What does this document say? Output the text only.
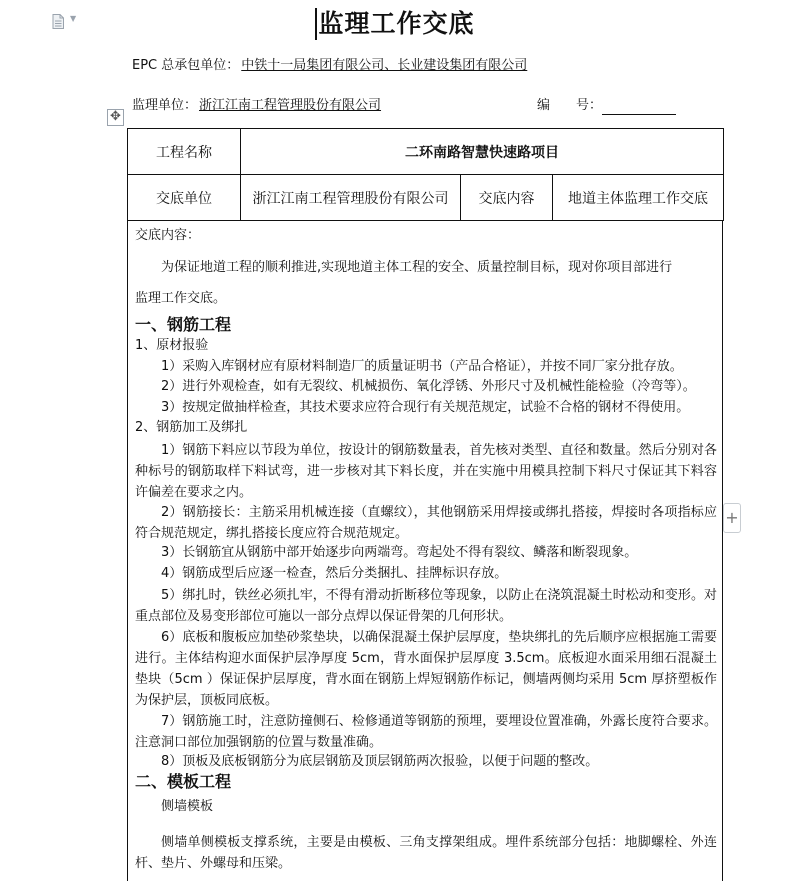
▼	监理工作交底
EPC 总承包单位： 中铁十一局集团有限公司、长业建设集团有限公司
监理单位： 浙江江南工程管理股份有限公司	编　　号：
✥
+
工程名称	二环南路智慧快速路项目		
交底单位	浙江江南工程管理股份有限公司	交底内容	地道主体监理工作交底

交底内容：

为保证地道工程的顺利推进,实现地道主体工程的安全、质量控制目标，现对你项目部进行

监理工作交底。

一、钢筋工程

1、原材报验

1）采购入库钢材应有原材料制造厂的质量证明书（产品合格证），并按不同厂家分批存放。

2）进行外观检查，如有无裂纹、机械损伤、氧化浮锈、外形尺寸及机械性能检验（冷弯等）。

3）按规定做抽样检查，其技术要求应符合现行有关规范规定，试验不合格的钢材不得使用。

2、钢筋加工及绑扎

1）钢筋下料应以节段为单位，按设计的钢筋数量表，首先核对类型、直径和数量。然后分别对各种标号的钢筋取样下料试弯，进一步核对其下料长度，并在实施中用模具控制下料尺寸保证其下料容许偏差在要求之内。

2）钢筋接长：主筋采用机械连接（直螺纹），其他钢筋采用焊接或绑扎搭接，焊接时各项指标应符合规范规定，绑扎搭接长度应符合规范规定。

3）长钢筋宜从钢筋中部开始逐步向两端弯。弯起处不得有裂纹、鳞落和断裂现象。

4）钢筋成型后应逐一检查，然后分类捆扎、挂牌标识存放。

5）绑扎时，铁丝必须扎牢，不得有滑动折断移位等现象，以防止在浇筑混凝土时松动和变形。对重点部位及易变形部位可施以一部分点焊以保证骨架的几何形状。

6）底板和腹板应加垫砂浆垫块，以确保混凝土保护层厚度，垫块绑扎的先后顺序应根据施工需要进行。主体结构迎水面保护层净厚度 5cm，背水面保护层厚度 3.5cm。底板迎水面采用细石混凝土垫块（5cm ）保证保护层厚度，背水面在钢筋上焊短钢筋作标记，侧墙两侧均采用 5cm 厚挤塑板作为保护层，顶板同底板。

7）钢筋施工时，注意防撞侧石、检修通道等钢筋的预埋，要埋设位置准确，外露长度符合要求。注意洞口部位加强钢筋的位置与数量准确。

8）顶板及底板钢筋分为底层钢筋及顶层钢筋两次报验，以便于问题的整改。

二、模板工程

侧墙模板

侧墙单侧模板支撑系统，主要是由模板、三角支撑架组成。埋件系统部分包括：地脚螺栓、外连杆、垫片、外螺母和压梁。
